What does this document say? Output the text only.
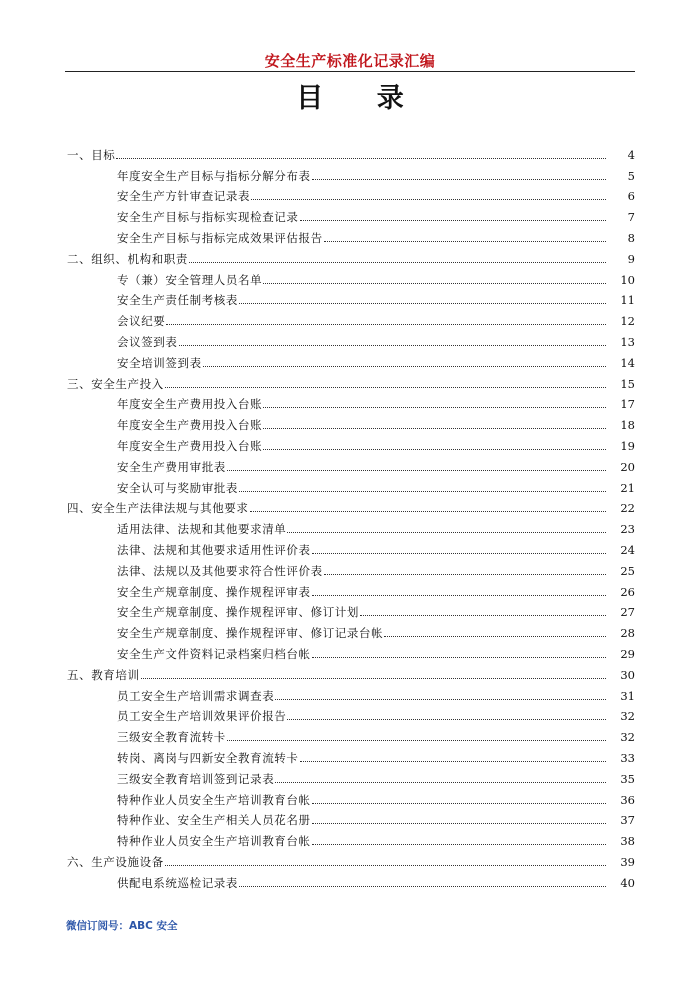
安全生产标准化记录汇编
目 录
一、目标	4
年度安全生产目标与指标分解分布表	5
安全生产方针审查记录表	6
安全生产目标与指标实现检查记录	7
安全生产目标与指标完成效果评估报告	8
二、组织、机构和职责	9
专（兼）安全管理人员名单	10
安全生产责任制考核表	11
会议纪要	12
会议签到表	13
安全培训签到表	14
三、安全生产投入	15
年度安全生产费用投入台账	17
年度安全生产费用投入台账	18
年度安全生产费用投入台账	19
安全生产费用审批表	20
安全认可与奖励审批表	21
四、安全生产法律法规与其他要求	22
适用法律、法规和其他要求清单	23
法律、法规和其他要求适用性评价表	24
法律、法规以及其他要求符合性评价表	25
安全生产规章制度、操作规程评审表	26
安全生产规章制度、操作规程评审、修订计划	27
安全生产规章制度、操作规程评审、修订记录台帐	28
安全生产文件资料记录档案归档台帐	29
五、教育培训	30
员工安全生产培训需求调查表	31
员工安全生产培训效果评价报告	32
三级安全教育流转卡	32
转岗、离岗与四新安全教育流转卡	33
三级安全教育培训签到记录表	35
特种作业人员安全生产培训教育台帐	36
特种作业、安全生产相关人员花名册	37
特种作业人员安全生产培训教育台帐	38
六、生产设施设备	39
供配电系统巡检记录表	40
微信订阅号：ABC 安全
